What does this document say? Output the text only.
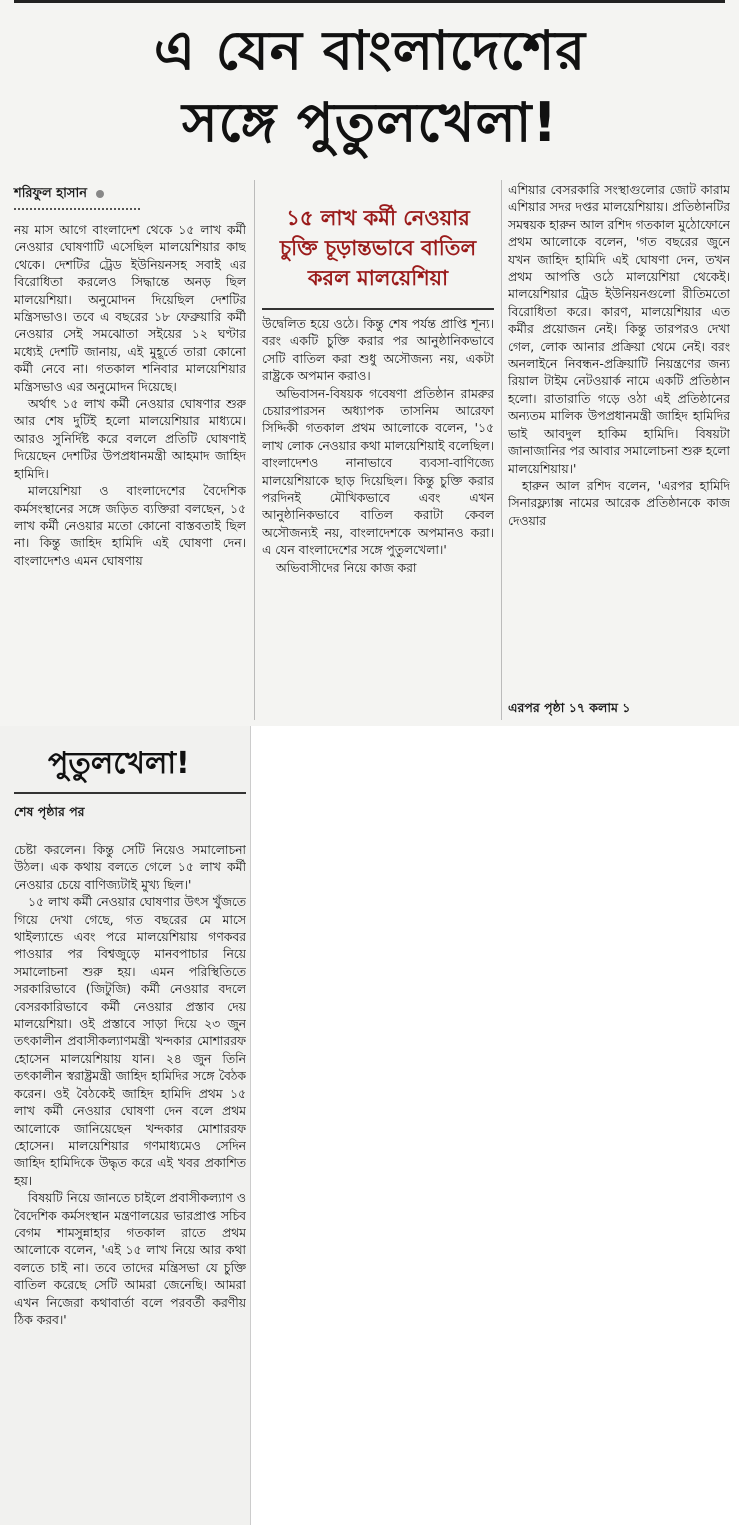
এ যেন বাংলাদেশের
সঙ্গে পুতুলখেলা!
শরিফুল হাসান

নয় মাস আগে বাংলাদেশ থেকে ১৫ লাখ কর্মী নেওয়ার ঘোষণাটি এসেছিল মালয়েশিয়ার কাছ থেকে। দেশটির ট্রেড ইউনিয়নসহ সবাই এর বিরোধিতা করলেও সিদ্ধান্তে অনড় ছিল মালয়েশিয়া। অনুমোদন দিয়েছিল দেশটির মন্ত্রিসভাও। তবে এ বছরের ১৮ ফেব্রুয়ারি কর্মী নেওয়ার সেই সমঝোতা সইয়ের ১২ ঘণ্টার মধ্যেই দেশটি জানায়, এই মুহূর্তে তারা কোনো কর্মী নেবে না। গতকাল শনিবার মালয়েশিয়ার মন্ত্রিসভাও এর অনুমোদন দিয়েছে।

অর্থাৎ ১৫ লাখ কর্মী নেওয়ার ঘোষণার শুরু আর শেষ দুটিই হলো মালয়েশিয়ার মাধ্যমে। আরও সুনির্দিষ্ট করে বললে প্রতিটি ঘোষণাই দিয়েছেন দেশটির উপপ্রধানমন্ত্রী আহমাদ জাহিদ হামিদি।

মালয়েশিয়া ও বাংলাদেশের বৈদেশিক কর্মসংস্থানের সঙ্গে জড়িত ব্যক্তিরা বলছেন, ১৫ লাখ কর্মী নেওয়ার মতো কোনো বাস্তবতাই ছিল না। কিন্তু জাহিদ হামিদি এই ঘোষণা দেন। বাংলাদেশও এমন ঘোষণায়

১৫ লাখ কর্মী নেওয়ার চুক্তি চূড়ান্তভাবে বাতিল করল মালয়েশিয়া

উদ্বেলিত হয়ে ওঠে। কিন্তু শেষ পর্যন্ত প্রাপ্তি শূন্য। বরং একটি চুক্তি করার পর আনুষ্ঠানিকভাবে সেটি বাতিল করা শুধু অসৌজন্য নয়, একটা রাষ্ট্রকে অপমান করাও।

অভিবাসন-বিষয়ক গবেষণা প্রতিষ্ঠান রামরুর চেয়ারপারসন অধ্যাপক তাসনিম আরেফা সিদ্দিকী গতকাল প্রথম আলোকে বলেন, '১৫ লাখ লোক নেওয়ার কথা মালয়েশিয়াই বলেছিল। বাংলাদেশও নানাভাবে ব্যবসা-বাণিজ্যে মালয়েশিয়াকে ছাড় দিয়েছিল। কিন্তু চুক্তি করার পরদিনই মৌখিকভাবে এবং এখন আনুষ্ঠানিকভাবে বাতিল করাটা কেবল অসৌজন্যই নয়, বাংলাদেশকে অপমানও করা। এ যেন বাংলাদেশের সঙ্গে পুতুলখেলা।'

অভিবাসীদের নিয়ে কাজ করা

এশিয়ার বেসরকারি সংস্থাগুলোর জোট কারাম এশিয়ার সদর দপ্তর মালয়েশিয়ায়। প্রতিষ্ঠানটির সমন্বয়ক হারুন আল রশিদ গতকাল মুঠোফোনে প্রথম আলোকে বলেন, 'গত বছরের জুনে যখন জাহিদ হামিদি এই ঘোষণা দেন, তখন প্রথম আপত্তি ওঠে মালয়েশিয়া থেকেই। মালয়েশিয়ার ট্রেড ইউনিয়নগুলো রীতিমতো বিরোধিতা করে। কারণ, মালয়েশিয়ার এত কর্মীর প্রয়োজন নেই। কিন্তু তারপরও দেখা গেল, লোক আনার প্রক্রিয়া থেমে নেই। বরং অনলাইনে নিবন্ধন-প্রক্রিয়াটি নিয়ন্ত্রণের জন্য রিয়াল টাইম নেটওয়ার্ক নামে একটি প্রতিষ্ঠান হলো। রাতারাতি গড়ে ওঠা এই প্রতিষ্ঠানের অন্যতম মালিক উপপ্রধানমন্ত্রী জাহিদ হামিদির ভাই আবদুল হাকিম হামিদি। বিষয়টা জানাজানির পর আবার সমালোচনা শুরু হলো মালয়েশিয়ায়।'

হারুন আল রশিদ বলেন, 'এরপর হামিদি সিনারফ্ল্যাক্স নামের আরেক প্রতিষ্ঠানকে কাজ দেওয়ার

এরপর পৃষ্ঠা ১৭ কলাম ১
পুতুলখেলা!
শেষ পৃষ্ঠার পর

চেষ্টা করলেন। কিন্তু সেটি নিয়েও সমালোচনা উঠল। এক কথায় বলতে গেলে ১৫ লাখ কর্মী নেওয়ার চেয়ে বাণিজ্যটাই মুখ্য ছিল।'

১৫ লাখ কর্মী নেওয়ার ঘোষণার উৎস খুঁজতে গিয়ে দেখা গেছে, গত বছরের মে মাসে থাইল্যান্ডে এবং পরে মালয়েশিয়ায় গণকবর পাওয়ার পর বিশ্বজুড়ে মানবপাচার নিয়ে সমালোচনা শুরু হয়। এমন পরিস্থিতিতে সরকারিভাবে (জিটুজি) কর্মী নেওয়ার বদলে বেসরকারিভাবে কর্মী নেওয়ার প্রস্তাব দেয় মালয়েশিয়া। ওই প্রস্তাবে সাড়া দিয়ে ২৩ জুন তৎকালীন প্রবাসীকল্যাণমন্ত্রী খন্দকার মোশাররফ হোসেন মালয়েশিয়ায় যান। ২৪ জুন তিনি তৎকালীন স্বরাষ্ট্রমন্ত্রী জাহিদ হামিদির সঙ্গে বৈঠক করেন। ওই বৈঠকেই জাহিদ হামিদি প্রথম ১৫ লাখ কর্মী নেওয়ার ঘোষণা দেন বলে প্রথম আলোকে জানিয়েছেন খন্দকার মোশাররফ হোসেন। মালয়েশিয়ার গণমাধ্যমেও সেদিন জাহিদ হামিদিকে উদ্ধৃত করে এই খবর প্রকাশিত হয়।

বিষয়টি নিয়ে জানতে চাইলে প্রবাসীকল্যাণ ও বৈদেশিক কর্মসংস্থান মন্ত্রণালয়ের ভারপ্রাপ্ত সচিব বেগম শামসুন্নাহার গতকাল রাতে প্রথম আলোকে বলেন, 'এই ১৫ লাখ নিয়ে আর কথা বলতে চাই না। তবে তাদের মন্ত্রিসভা যে চুক্তি বাতিল করেছে সেটি আমরা জেনেছি। আমরা এখন নিজেরা কথাবার্তা বলে পরবর্তী করণীয় ঠিক করব।'
